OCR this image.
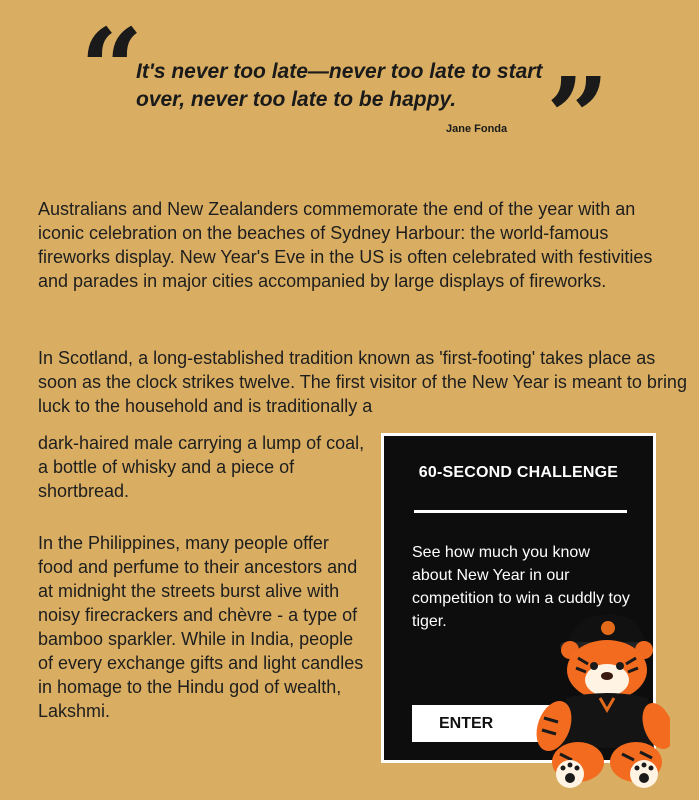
“

It's never too late—never too late to start over, never too late to be happy. ”
Jane Fonda

Australians and New Zealanders commemorate the end of the year with an iconic celebration on the beaches of Sydney Harbour: the world-famous fireworks display. New Year's Eve in the US is often celebrated with festivities and parades in major cities accompanied by large displays of fireworks.

In Scotland, a long-established tradition known as 'first-footing' takes place as soon as the clock strikes twelve. The first visitor of the New Year is meant to bring luck to the household and is traditionally a

dark-haired male carrying a lump of coal, a bottle of whisky and a piece of shortbread.

In the Philippines, many people offer food and perfume to their ancestors and at midnight the streets burst alive with noisy firecrackers and chèvre - a type of bamboo sparkler. While in India, people of every exchange gifts and light candles in homage to the Hindu god of wealth, Lakshmi.

60-SECOND CHALLENGE

See how much you know about New Year in our competition to win a cuddly toy tiger.

ENTER
